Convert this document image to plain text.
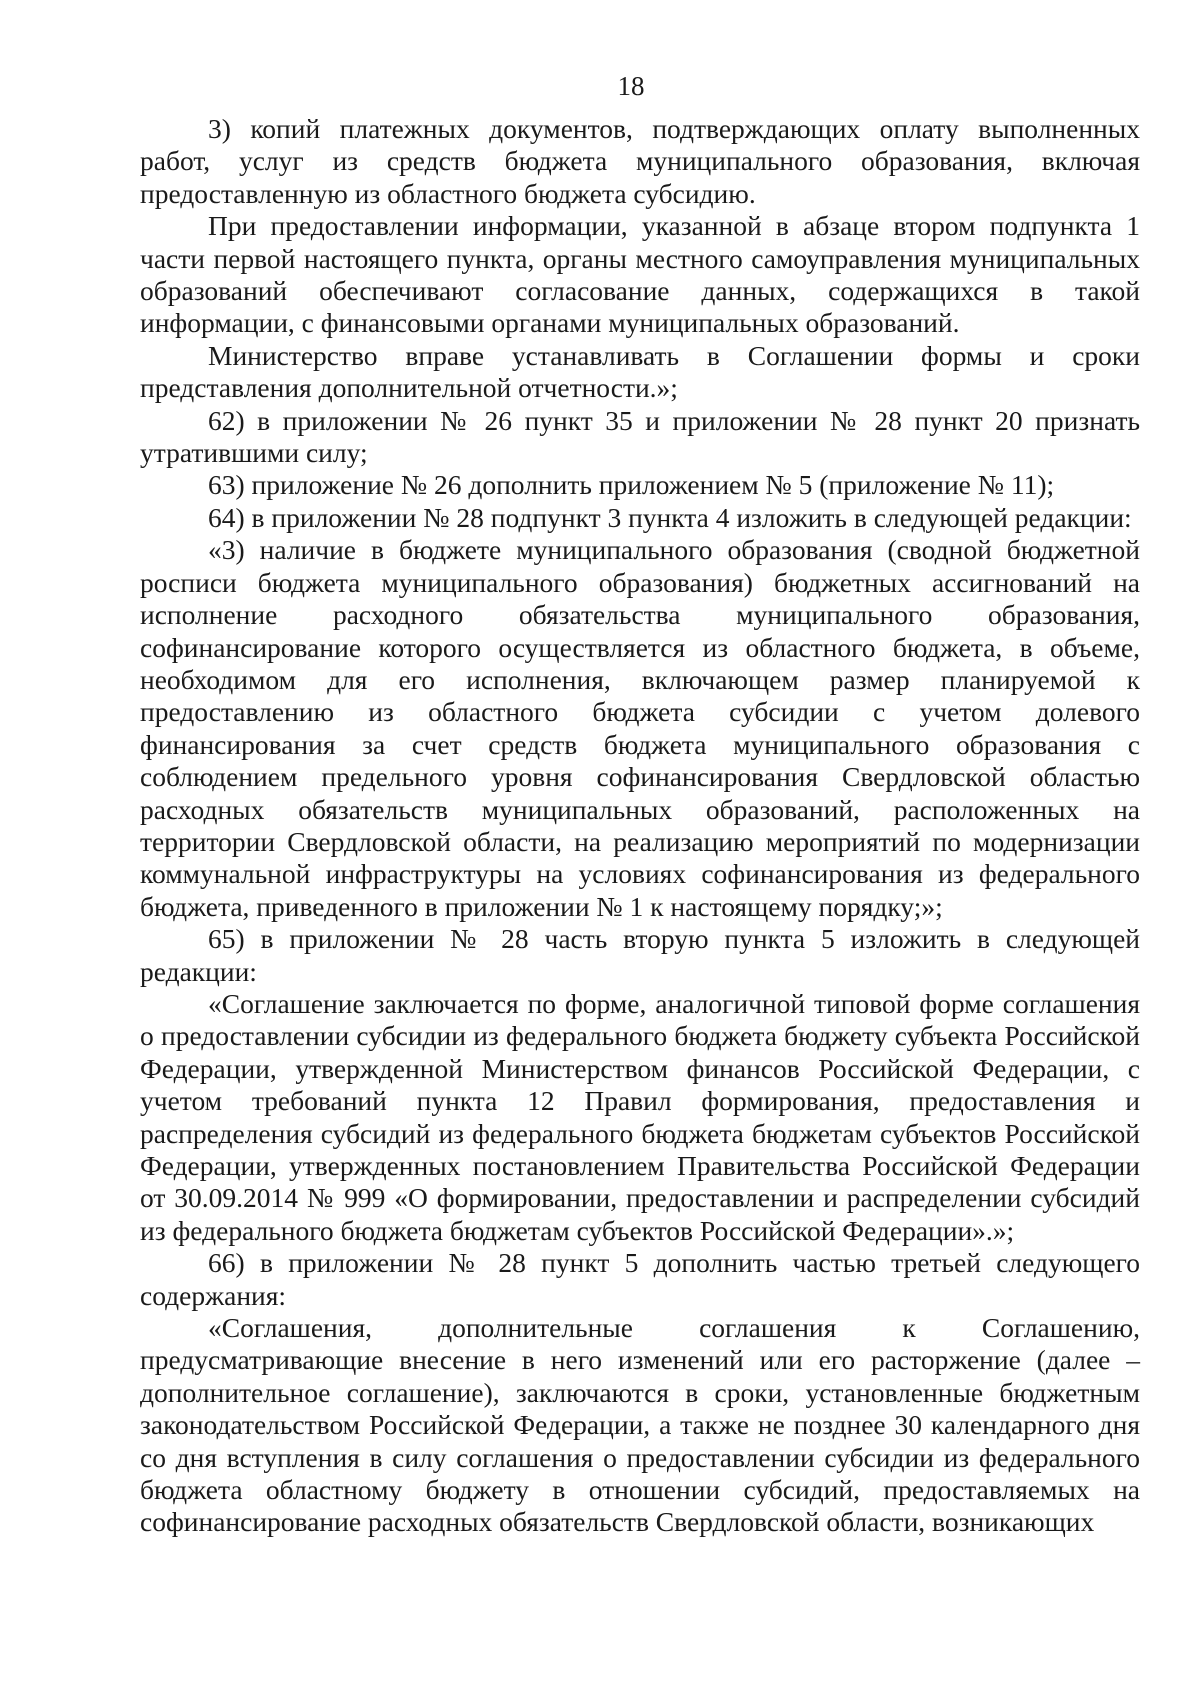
18

3) копий платежных документов, подтверждающих оплату выполненных работ, услуг из средств бюджета муниципального образования, включая предоставленную из областного бюджета субсидию.

При предоставлении информации, указанной в абзаце втором подпункта 1 части первой настоящего пункта, органы местного самоуправления муниципальных образований обеспечивают согласование данных, содержащихся в такой информации, с финансовыми органами муниципальных образований.

Министерство вправе устанавливать в Соглашении формы и сроки представления дополнительной отчетности.»;

62) в приложении № 26 пункт 35 и приложении № 28 пункт 20 признать утратившими силу;

63) приложение № 26 дополнить приложением № 5 (приложение № 11);

64) в приложении № 28 подпункт 3 пункта 4 изложить в следующей редакции:

«3) наличие в бюджете муниципального образования (сводной бюджетной росписи бюджета муниципального образования) бюджетных ассигнований на исполнение расходного обязательства муниципального образования, софинансирование которого осуществляется из областного бюджета, в объеме, необходимом для его исполнения, включающем размер планируемой к предоставлению из областного бюджета субсидии с учетом долевого финансирования за счет средств бюджета муниципального образования с соблюдением предельного уровня софинансирования Свердловской областью расходных обязательств муниципальных образований, расположенных на территории Свердловской области, на реализацию мероприятий по модернизации коммунальной инфраструктуры на условиях софинансирования из федерального бюджета, приведенного в приложении № 1 к настоящему порядку;»;

65) в приложении № 28 часть вторую пункта 5 изложить в следующей редакции:

«Соглашение заключается по форме, аналогичной типовой форме соглашения о предоставлении субсидии из федерального бюджета бюджету субъекта Российской Федерации, утвержденной Министерством финансов Российской Федерации, с учетом требований пункта 12 Правил формирования, предоставления и распределения субсидий из федерального бюджета бюджетам субъектов Российской Федерации, утвержденных постановлением Правительства Российской Федерации от 30.09.2014 № 999 «О формировании, предоставлении и распределении субсидий из федерального бюджета бюджетам субъектов Российской Федерации».»;

66) в приложении № 28 пункт 5 дополнить частью третьей следующего содержания:

«Соглашения, дополнительные соглашения к Соглашению, предусматривающие внесение в него изменений или его расторжение (далее – дополнительное соглашение), заключаются в сроки, установленные бюджетным законодательством Российской Федерации, а также не позднее 30 календарного дня со дня вступления в силу соглашения о предоставлении субсидии из федерального бюджета областному бюджету в отношении субсидий, предоставляемых на софинансирование расходных обязательств Свердловской области, возникающих
